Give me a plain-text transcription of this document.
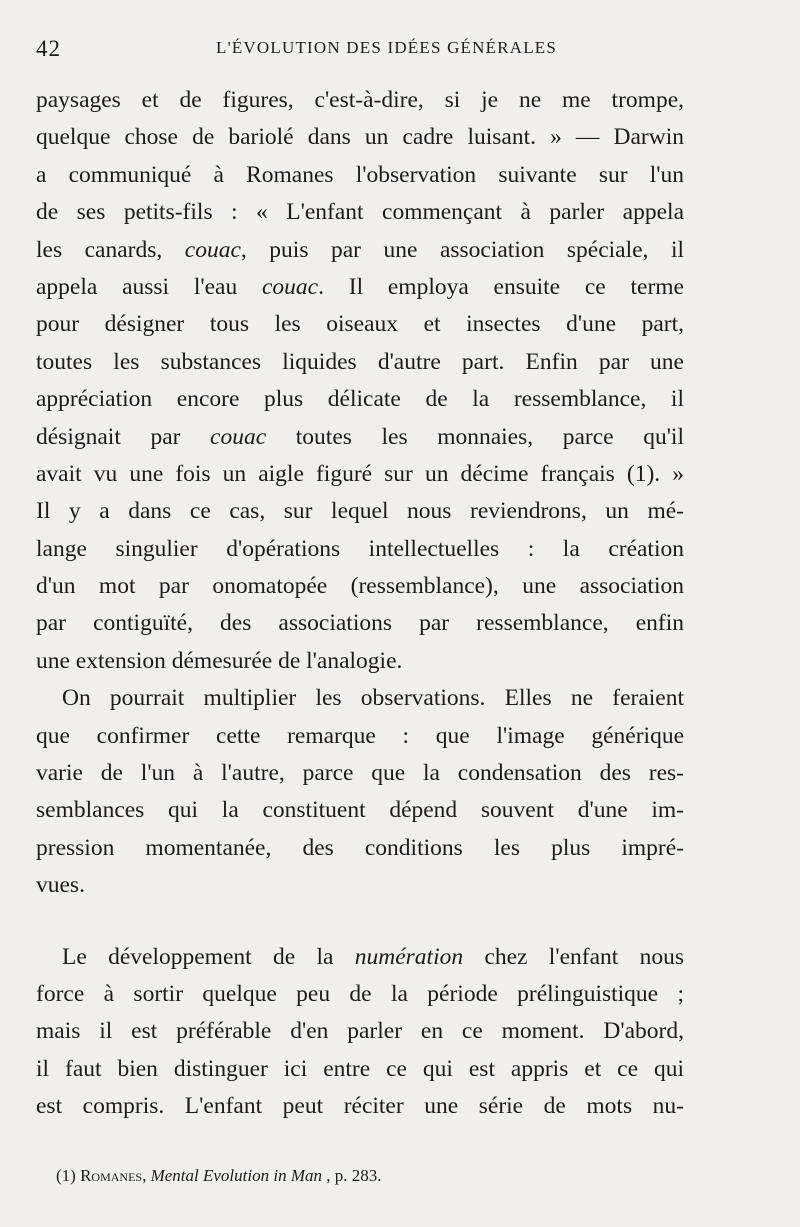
42	L'ÉVOLUTION DES IDÉES GÉNÉRALES
paysages et de figures, c'est-à-dire, si je ne me trompe,
quelque chose de bariolé dans un cadre luisant. » — Darwin
a communiqué à Romanes l'observation suivante sur l'un
de ses petits-fils : « L'enfant commençant à parler appela
les canards, couac, puis par une association spéciale, il
appela aussi l'eau couac. Il employa ensuite ce terme
pour désigner tous les oiseaux et insectes d'une part,
toutes les substances liquides d'autre part. Enfin par une
appréciation encore plus délicate de la ressemblance, il
désignait par couac toutes les monnaies, parce qu'il
avait vu une fois un aigle figuré sur un décime français (1). »
Il y a dans ce cas, sur lequel nous reviendrons, un mé-
lange singulier d'opérations intellectuelles : la création
d'un mot par onomatopée (ressemblance), une association
par contiguïté, des associations par ressemblance, enfin
une extension démesurée de l'analogie.
On pourrait multiplier les observations. Elles ne feraient
que confirmer cette remarque : que l'image générique
varie de l'un à l'autre, parce que la condensation des res-
semblances qui la constituent dépend souvent d'une im-
pression momentanée, des conditions les plus impré-
vues.
Le développement de la numération chez l'enfant nous
force à sortir quelque peu de la période prélinguistique ;
mais il est préférable d'en parler en ce moment. D'abord,
il faut bien distinguer ici entre ce qui est appris et ce qui
est compris. L'enfant peut réciter une série de mots nu-
(1) Romanes, Mental Evolution in Man , p. 283.
